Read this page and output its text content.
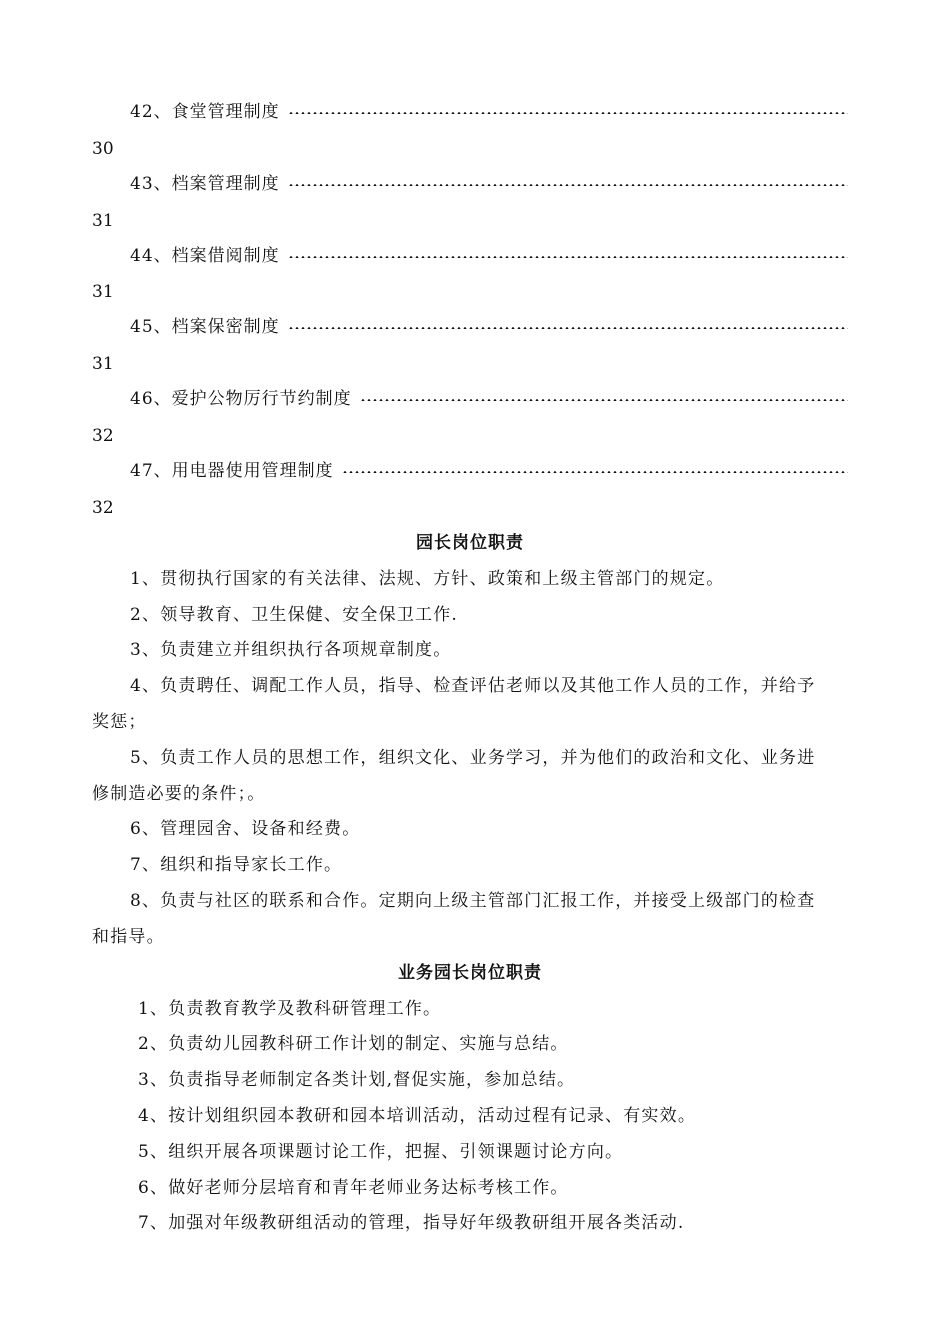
42、食堂管理制度
30
43、档案管理制度
31
44、档案借阅制度
31
45、档案保密制度
31
46、爱护公物厉行节约制度
32
47、用电器使用管理制度
32
园长岗位职责
1、贯彻执行国家的有关法律、法规、方针、政策和上级主管部门的规定。
2、领导教育、卫生保健、安全保卫工作.
3、负责建立并组织执行各项规章制度。
4、负责聘任、调配工作人员，指导、检查评估老师以及其他工作人员的工作，并给予
奖惩；
5、负责工作人员的思想工作，组织文化、业务学习，并为他们的政治和文化、业务进
修制造必要的条件；。
6、管理园舍、设备和经费。
7、组织和指导家长工作。
8、负责与社区的联系和合作。定期向上级主管部门汇报工作，并接受上级部门的检查
和指导。
业务园长岗位职责
1、负责教育教学及教科研管理工作。
2、负责幼儿园教科研工作计划的制定、实施与总结。
3、负责指导老师制定各类计划,督促实施，参加总结。
4、按计划组织园本教研和园本培训活动，活动过程有记录、有实效。
5、组织开展各项课题讨论工作，把握、引领课题讨论方向。
6、做好老师分层培育和青年老师业务达标考核工作。
7、加强对年级教研组活动的管理，指导好年级教研组开展各类活动.
